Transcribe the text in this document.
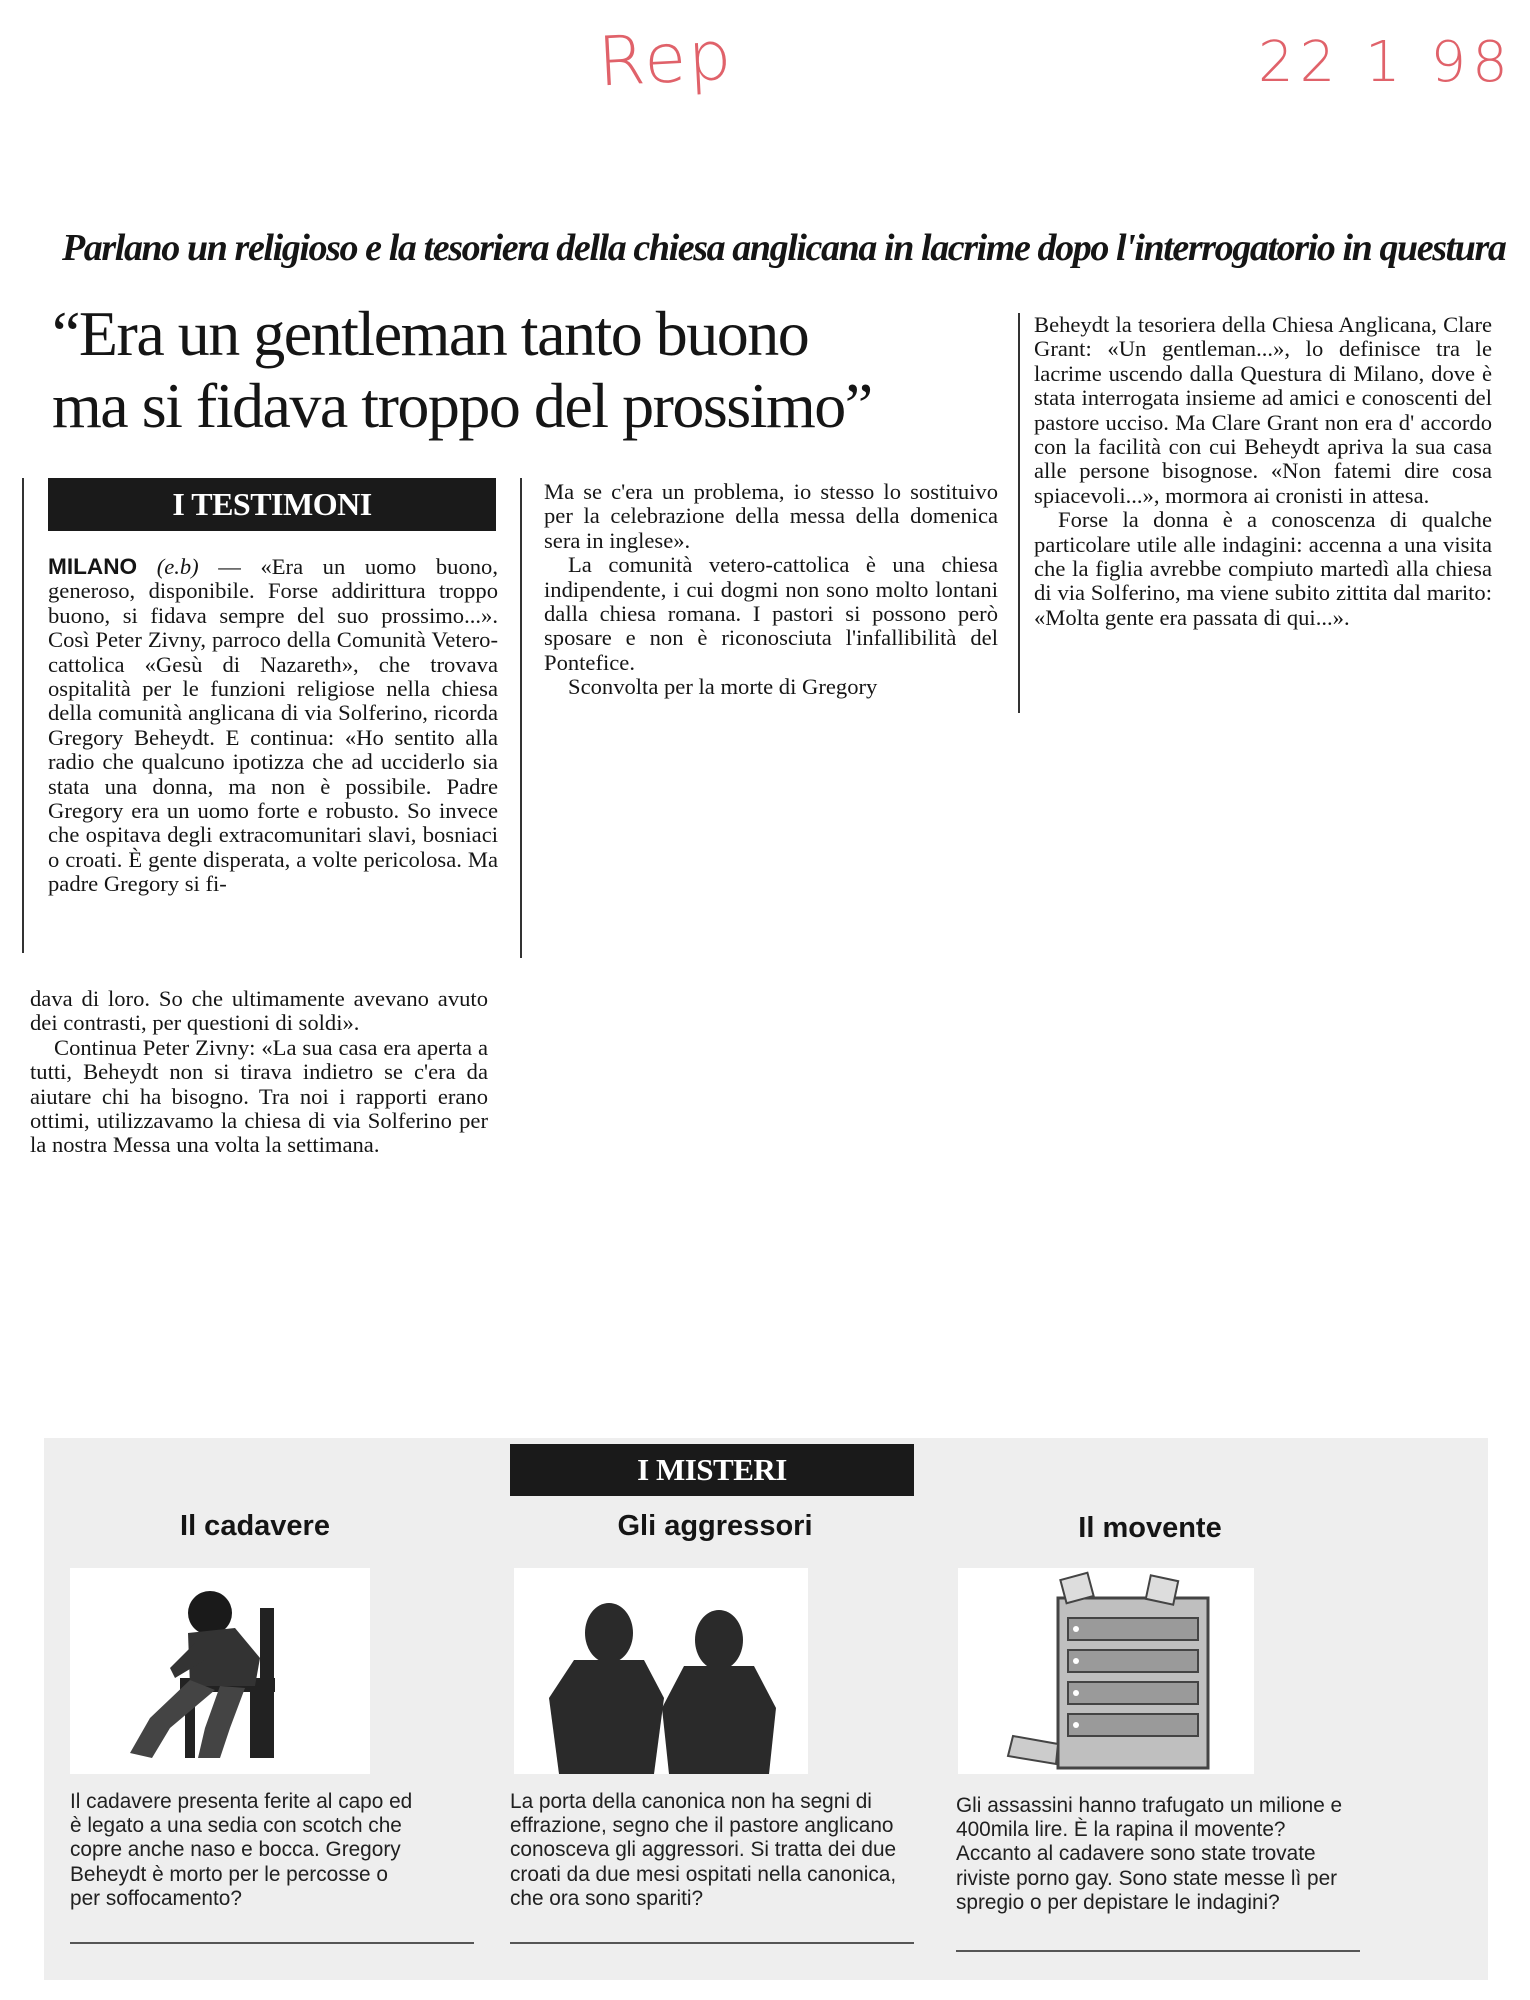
Rep	22 1 98
Parlano un religioso e la tesoriera della chiesa anglicana in lacrime dopo l'interrogatorio in questura
“Era un gentleman tanto buono
ma si fidava troppo del prossimo”
I TESTIMONI

MILANO (e.b) — «Era un uomo buono, generoso, disponibile. Forse addirittura troppo buono, si fidava sempre del suo prossimo...». Così Peter Zivny, parroco della Comunità Vetero-cattolica «Gesù di Nazareth», che trovava ospitalità per le funzioni religiose nella chiesa della comunità anglicana di via Solferino, ricorda Gregory Beheydt. E continua: «Ho sentito alla radio che qualcuno ipotizza che ad ucciderlo sia stata una donna, ma non è possibile. Padre Gregory era un uomo forte e robusto. So invece che ospitava degli extracomunitari slavi, bosniaci o croati. È gente disperata, a volte pericolosa. Ma padre Gregory si fi-

dava di loro. So che ultimamente avevano avuto dei contrasti, per questioni di soldi».

Continua Peter Zivny: «La sua casa era aperta a tutti, Beheydt non si tirava indietro se c'era da aiutare chi ha bisogno. Tra noi i rapporti erano ottimi, utilizzavamo la chiesa di via Solferino per la nostra Messa una volta la settimana.

Ma se c'era un problema, io stesso lo sostituivo per la celebrazione della messa della domenica sera in inglese».

La comunità vetero-cattolica è una chiesa indipendente, i cui dogmi non sono molto lontani dalla chiesa romana. I pastori si possono però sposare e non è riconosciuta l'infallibilità del Pontefice.

Sconvolta per la morte di Gregory

Beheydt la tesoriera della Chiesa Anglicana, Clare Grant: «Un gentleman...», lo definisce tra le lacrime uscendo dalla Questura di Milano, dove è stata interrogata insieme ad amici e conoscenti del pastore ucciso. Ma Clare Grant non era d' accordo con la facilità con cui Beheydt apriva la sua casa alle persone bisognose. «Non fatemi dire cosa spiacevoli...», mormora ai cronisti in attesa.

Forse la donna è a conoscenza di qualche particolare utile alle indagini: accenna a una visita che la figlia avrebbe compiuto martedì alla chiesa di via Solferino, ma viene subito zittita dal marito: «Molta gente era passata di qui...».

I MISTERI
Il cadavere
Il cadavere presenta ferite al capo ed è legato a una sedia con scotch che copre anche naso e bocca. Gregory Beheydt è morto per le percosse o per soffocamento?
Gli aggressori
La porta della canonica non ha segni di effrazione, segno che il pastore anglicano conosceva gli aggressori. Si tratta dei due croati da due mesi ospitati nella canonica, che ora sono spariti?
Il movente
Gli assassini hanno trafugato un milione e 400mila lire. È la rapina il movente? Accanto al cadavere sono state trovate riviste porno gay. Sono state messe lì per spregio o per depistare le indagini?
